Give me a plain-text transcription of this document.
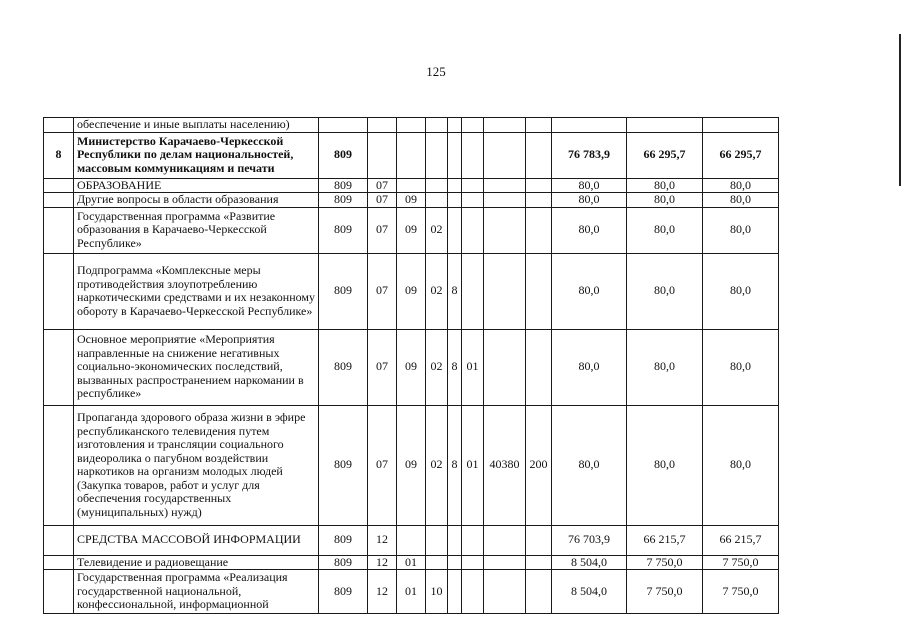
125
	обеспечение и иные выплаты населению)											
8	Министерство Карачаево-Черкесской Республики по делам национальностей, массовым коммуникациям и печати	809								76 783,9	66 295,7	66 295,7
	ОБРАЗОВАНИЕ	809	07							80,0	80,0	80,0
	Другие вопросы в области образования	809	07	09						80,0	80,0	80,0
	Государственная программа «Развитие образования в Карачаево-Черкесской Республике»	809	07	09	02					80,0	80,0	80,0
	Подпрограмма «Комплексные меры противодействия злоупотреблению наркотическими средствами и их незаконному обороту в Карачаево-Черкесской Республике»	809	07	09	02	8				80,0	80,0	80,0
	Основное мероприятие «Мероприятия направленные на снижение негативных социально-экономических последствий, вызванных распространением наркомании в республике»	809	07	09	02	8	01			80,0	80,0	80,0
	Пропаганда здорового образа жизни в эфире республиканского телевидения путем изготовления и трансляции социального видеоролика о пагубном воздействии наркотиков на организм молодых людей (Закупка товаров, работ и услуг для обеспечения государственных (муниципальных) нужд)	809	07	09	02	8	01	40380	200	80,0	80,0	80,0
	СРЕДСТВА МАССОВОЙ ИНФОРМАЦИИ	809	12							76 703,9	66 215,7	66 215,7
	Телевидение и радиовещание	809	12	01						8 504,0	7 750,0	7 750,0
	Государственная программа «Реализация государственной национальной, конфессиональной, информационной	809	12	01	10					8 504,0	7 750,0	7 750,0
